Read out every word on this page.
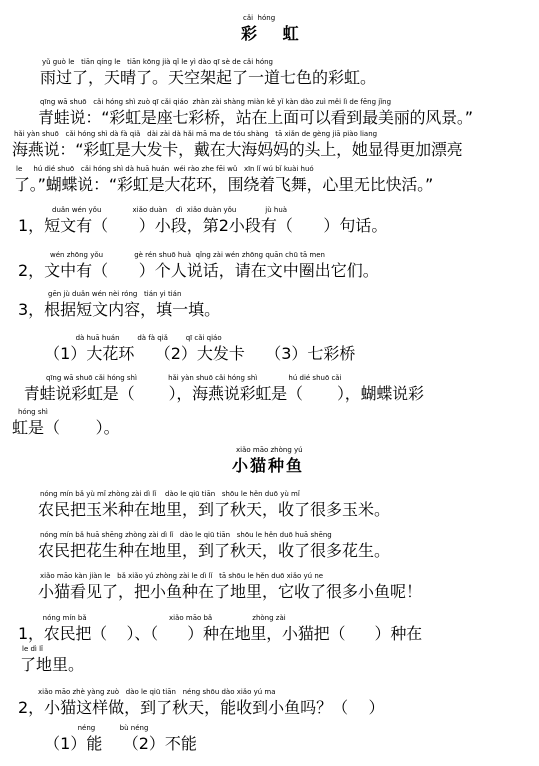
cǎi  hóng
彩 虹
yǔ guò le   tiān qíng le   tiān kōng jià qǐ le yì dào qī sè de cǎi hóng
雨过了，天晴了。天空架起了一道七色的彩虹。
qīng wā shuō   cǎi hóng shì zuò qī cǎi qiáo  zhàn zài shàng miàn kě yǐ kàn dào zuì měi lì de fēng jǐng
青蛙说：“彩虹是座七彩桥，站在上面可以看到最美丽的风景。”
hǎi yàn shuō   cǎi hóng shì dà fà qiǎ   dài zài dà hǎi mā ma de tóu shàng   tā xiǎn de gèng jiā piào liang
海燕说：“彩虹是大发卡，戴在大海妈妈的头上，她显得更加漂亮
le     hú dié shuō   cǎi hóng shì dà huā huán  wéi rào zhe fēi wǔ   xīn lǐ wú bǐ kuài huó
了。”蝴蝶说：“彩虹是大花环，围绕着飞舞，心里无比快活。”
duǎn wén yǒu              xiǎo duàn    dì  xiǎo duàn yǒu             jù huà
1，短文有（      ）小段，第2小段有（      ）句话。
wén zhōng yǒu              gè rén shuō huà  qǐng zài wén zhōng quān chū tā men
2，文中有（      ）个人说话，请在文中圈出它们。
gēn jù duǎn wén nèi róng   tián yi tián
3，根据短文内容，填一填。
dà huā huán        dà fà qiǎ        qī cǎi qiáo
（1）大花环    （2）大发卡    （3）七彩桥
qīng wā shuō cǎi hóng shì              hǎi yàn shuō cǎi hóng shì              hú dié shuō cǎi
青蛙说彩虹是（       ），海燕说彩虹是（       ），蝴蝶说彩
hóng shì
虹是（       ）。
xiǎo māo zhòng yú
小猫种鱼
nóng mín bǎ yù mǐ zhòng zài dì lǐ    dào le qiū tiān   shōu le hěn duō yù mǐ
农民把玉米种在地里，到了秋天，收了很多玉米。
nóng mín bǎ huā shēng zhòng zài dì lǐ   dào le qiū tiān   shōu le hěn duō huā shēng
农民把花生种在地里，到了秋天，收了很多花生。
xiǎo māo kàn jiàn le   bǎ xiǎo yú zhòng zài le dì lǐ   tā shōu le hěn duō xiǎo yú ne
小猫看见了，把小鱼种在了地里，它收了很多小鱼呢！
nóng mín bǎ                                     xiǎo māo bǎ                  zhòng zài
1，农民把（    ）、（      ）种在地里，小猫把（      ）种在
le dì lǐ
了地里。
xiǎo māo zhè yàng zuò   dào le qiū tiān   néng shōu dào xiǎo yú ma
2，小猫这样做，到了秋天，能收到小鱼吗？（    ）
néng           bù néng
（1）能    （2）不能
